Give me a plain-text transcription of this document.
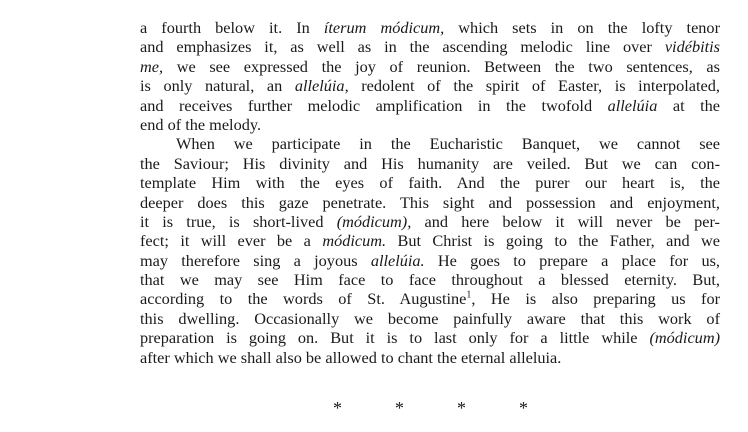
a fourth below it. In íterum módicum, which sets in on the lofty tenor
and emphasizes it, as well as in the ascending melodic line over vidébitis
me, we see expressed the joy of reunion. Between the two sentences, as
is only natural, an allelúia, redolent of the spirit of Easter, is interpolated,
and receives further melodic amplification in the twofold allelúia at the
end of the melody.
When we participate in the Eucharistic Banquet, we cannot see
the Saviour; His divinity and His humanity are veiled. But we can con-
template Him with the eyes of faith. And the purer our heart is, the
deeper does this gaze penetrate. This sight and possession and enjoyment,
it is true, is short-lived (módicum), and here below it will never be per-
fect; it will ever be a módicum. But Christ is going to the Father, and we
may therefore sing a joyous allelúia. He goes to prepare a place for us,
that we may see Him face to face throughout a blessed eternity. But,
according to the words of St. Augustine$^1$, He is also preparing us for
this dwelling. Occasionally we become painfully aware that this work of
preparation is going on. But it is to last only for a little while (módicum)
after which we shall also be allowed to chant the eternal alleluia.
*	*	*	*
